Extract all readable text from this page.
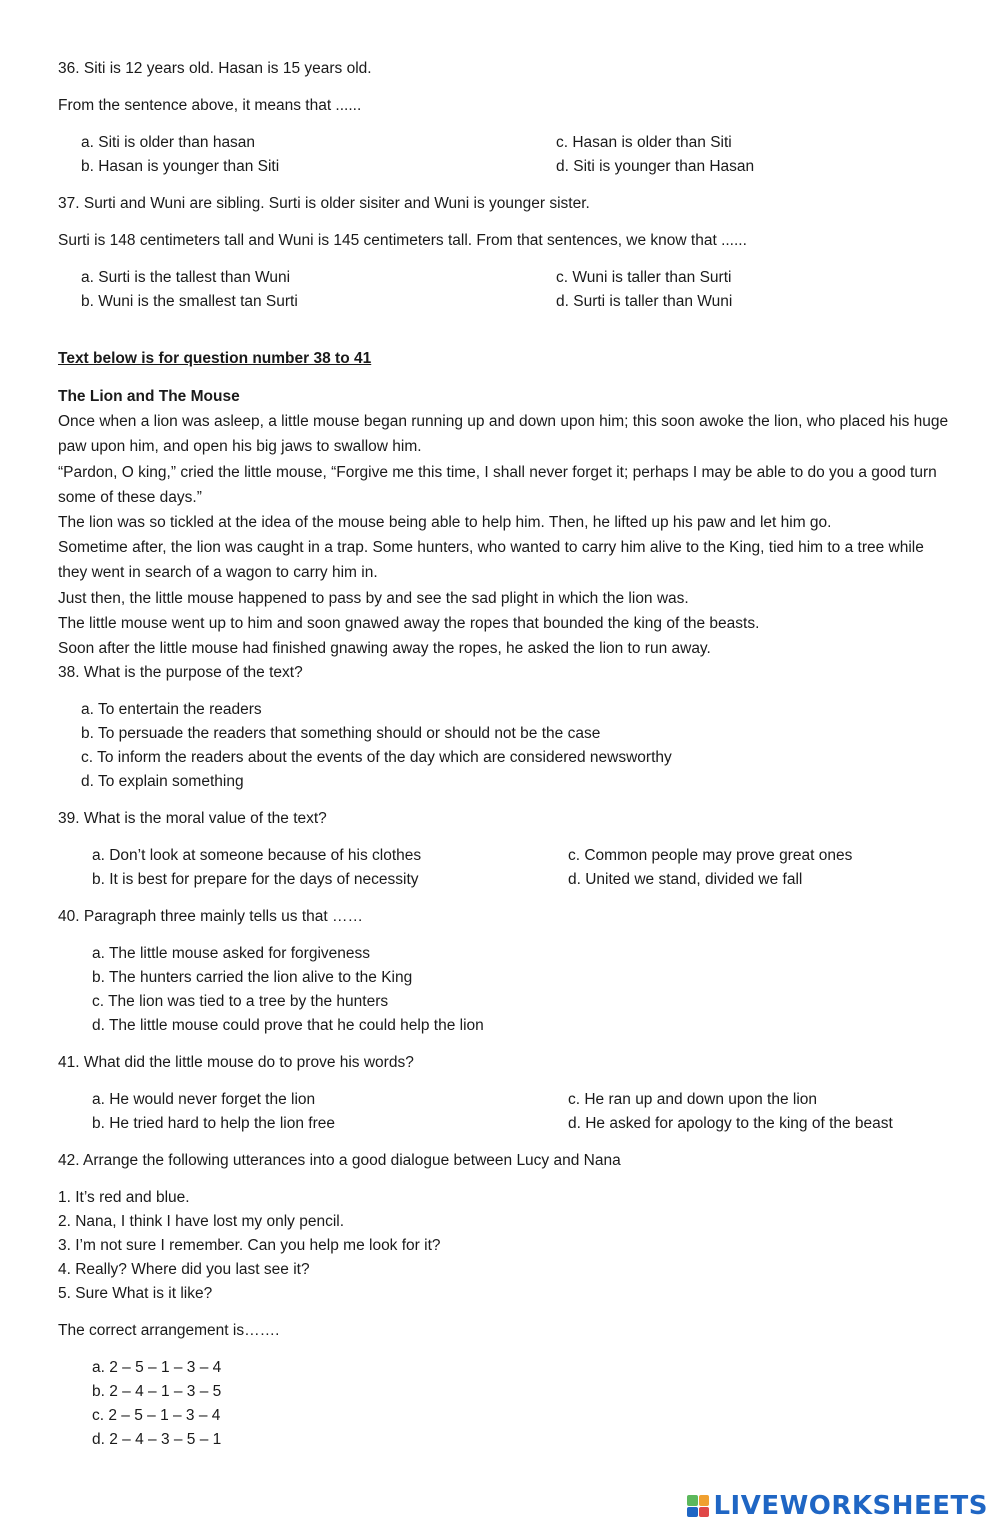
36. Siti is 12 years old. Hasan is 15 years old.

From the sentence above, it means that ......

a. Siti is older than hasan	c. Hasan is older than Siti
b. Hasan is younger than Siti	d. Siti is younger than Hasan

37. Surti and Wuni are sibling. Surti is older sisiter and Wuni is younger sister.

Surti is 148 centimeters tall and Wuni is 145 centimeters tall. From that sentences, we know that ......

a. Surti is the tallest than Wuni	c. Wuni is taller than Surti
b. Wuni is the smallest tan Surti	d. Surti is taller than Wuni

Text below is for question number 38 to 41

The Lion and The Mouse

Once when a lion was asleep, a little mouse began running up and down upon him; this soon awoke the lion, who placed his huge paw upon him, and open his big jaws to swallow him.

“Pardon, O king,” cried the little mouse, “Forgive me this time, I shall never forget it; perhaps I may be able to do you a good turn some of these days.”

The lion was so tickled at the idea of the mouse being able to help him. Then, he lifted up his paw and let him go.

Sometime after, the lion was caught in a trap. Some hunters, who wanted to carry him alive to the King, tied him to a tree while they went in search of a wagon to carry him in.

Just then, the little mouse happened to pass by and see the sad plight in which the lion was.

The little mouse went up to him and soon gnawed away the ropes that bounded the king of the beasts.

Soon after the little mouse had finished gnawing away the ropes, he asked the lion to run away.

38. What is the purpose of the text?

a. To entertain the readers
b. To persuade the readers that something should or should not be the case
c. To inform the readers about the events of the day which are considered newsworthy
d. To explain something

39. What is the moral value of the text?

a. Don’t look at someone because of his clothes	c. Common people may prove great ones
b. It is best for prepare for the days of necessity	d. United we stand, divided we fall

40. Paragraph three mainly tells us that ……

a. The little mouse asked for forgiveness
b. The hunters carried the lion alive to the King
c. The lion was tied to a tree by the hunters
d. The little mouse could prove that he could help the lion

41. What did the little mouse do to prove his words?

a. He would never forget the lion	c. He ran up and down upon the lion
b. He tried hard to help the lion free	d. He asked for apology to the king of the beast

42. Arrange the following utterances into a good dialogue between Lucy and Nana

1. It’s red and blue.

2. Nana, I think I have lost my only pencil.

3. I’m not sure I remember. Can you help me look for it?

4. Really? Where did you last see it?

5. Sure What is it like?

The correct arrangement is…….

a. 2 – 5 – 1 – 3 – 4
b. 2 – 4 – 1 – 3 – 5
c. 2 – 5 – 1 – 3 – 4
d. 2 – 4 – 3 – 5 – 1
LIVEWORKSHEETS
